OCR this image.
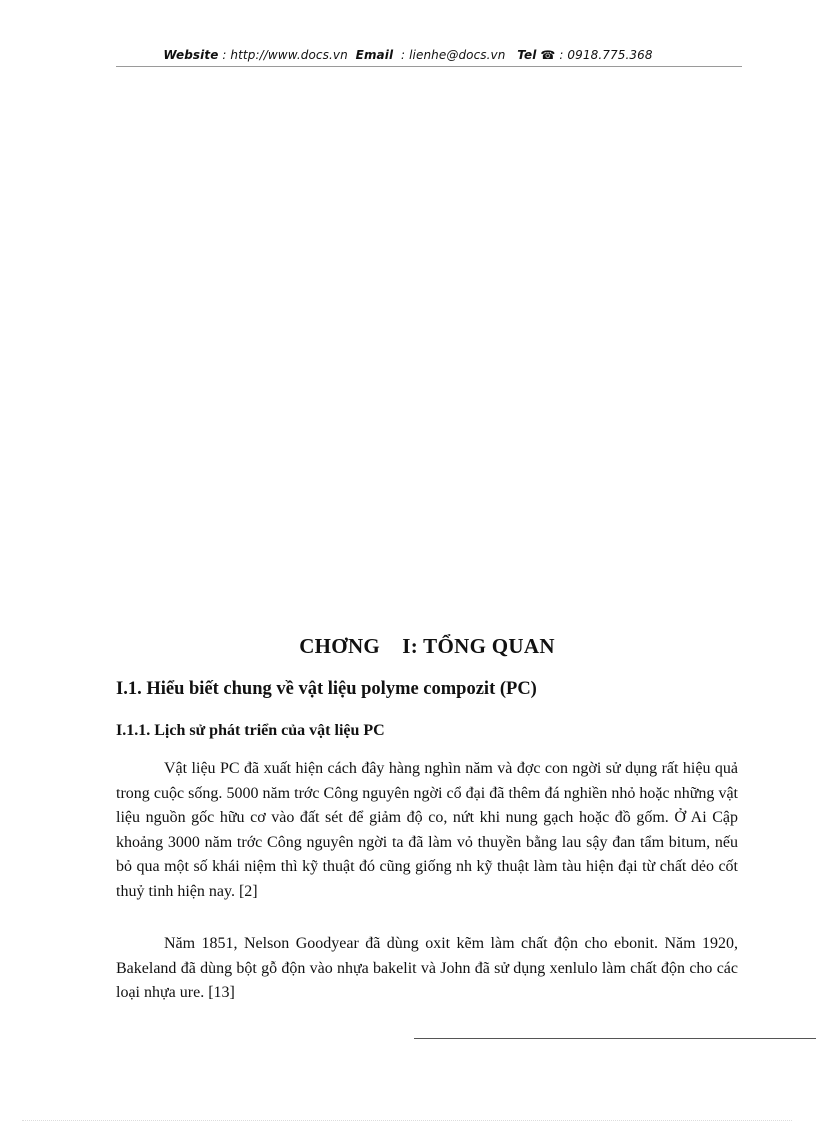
Website : http://www.docs.vn Email  : lienhe@docs.vn Tel ☎ : 0918.775.368
CHƠNG    I: TỔNG QUAN
I.1. Hiểu biết chung về vật liệu polyme compozit (PC)
I.1.1. Lịch sử phát triển của vật liệu PC

Vật liệu PC đã xuất hiện cách đây hàng nghìn năm và đợc con ngời sử dụng rất hiệu quả trong cuộc sống. 5000 năm trớc Công nguyên ngời cổ đại đã thêm đá nghiền nhỏ hoặc những vật liệu nguồn gốc hữu cơ vào đất sét để giảm độ co, nứt khi nung gạch hoặc đồ gốm. Ở Ai Cập khoảng 3000 năm trớc Công nguyên ngời ta đã làm vỏ thuyền bằng lau sậy đan tẩm bitum, nếu bỏ qua một số khái niệm thì kỹ thuật đó cũng giống nh kỹ thuật làm tàu hiện đại từ chất dẻo cốt thuỷ tinh hiện nay. [2]

Năm 1851, Nelson Goodyear đã dùng oxit kẽm làm chất độn cho ebonit. Năm 1920, Bakeland đã dùng bột gỗ độn vào nhựa bakelit và John đã sử dụng xenlulo làm chất độn cho các loại nhựa ure. [13]
